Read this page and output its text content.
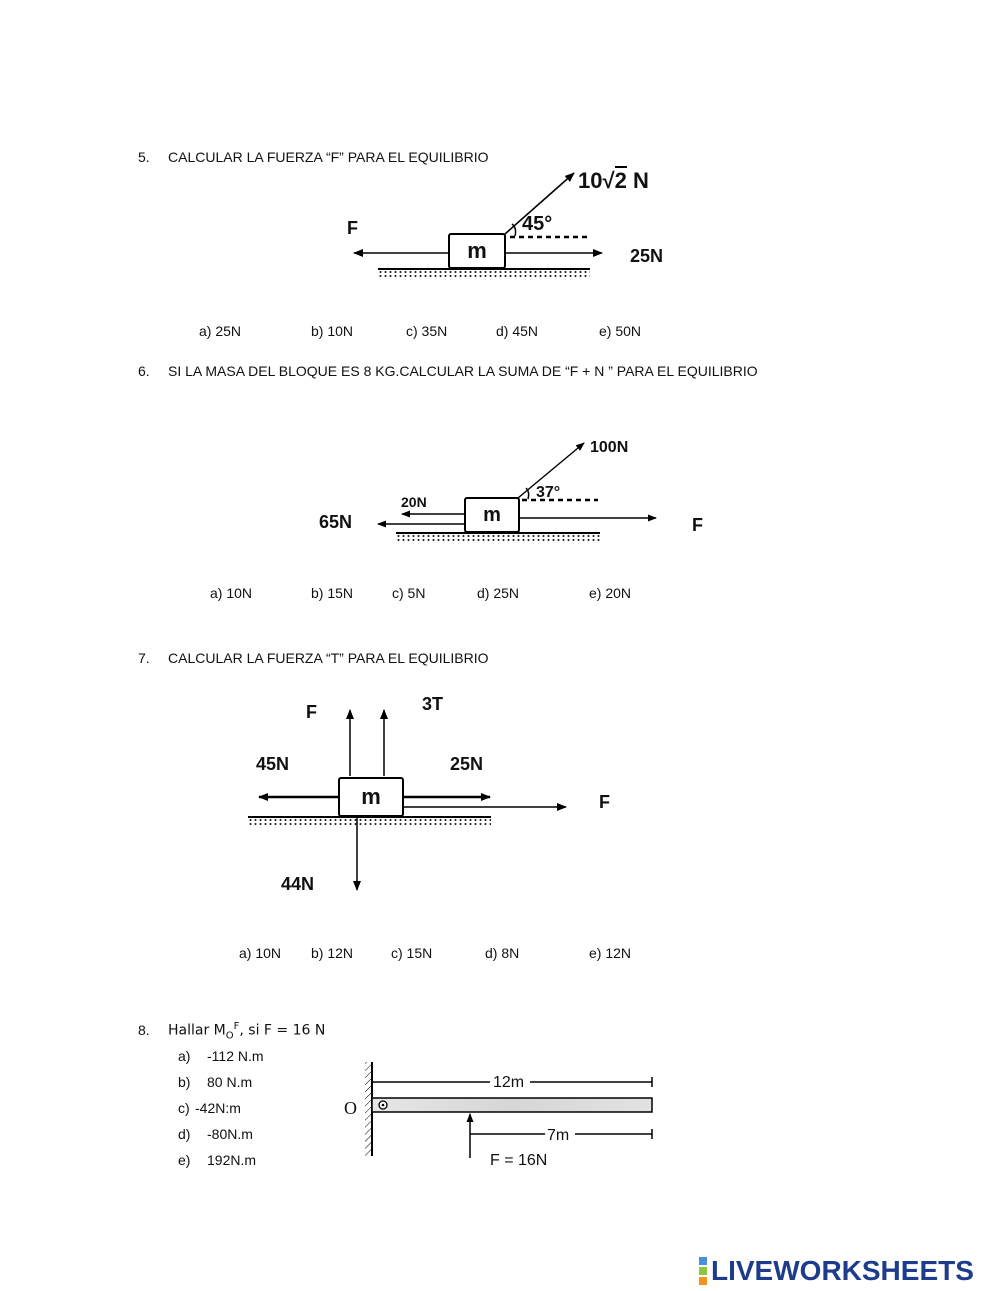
5. CALCULAR LA FUERZA “F” PARA EL EQUILIBRIO
m
F	45°
10√2 N
25N
a) 25N	b) 10N	c) 35N	d) 45N	e) 50N
6. SI LA MASA DEL BLOQUE ES 8 KG.CALCULAR LA SUMA DE “F + N ” PARA EL EQUILIBRIO
m
100N
37°
20N
65N	F
a) 10N	b) 15N	c) 5N	d) 25N	e) 20N
7. CALCULAR LA FUERZA “T” PARA EL EQUILIBRIO
m
F	3T
45N	25N
F
44N
a) 10N b) 12N	c) 15N	d) 8N	e) 12N
8. Hallar $M_O^F$, si F = 16 N
a) -112 N.m
b) 80 N.m
c) -42N:m
d) -80N.m
e) 192N.m
O
12m
7m
F = 16N
LIVEWORKSHEETS
